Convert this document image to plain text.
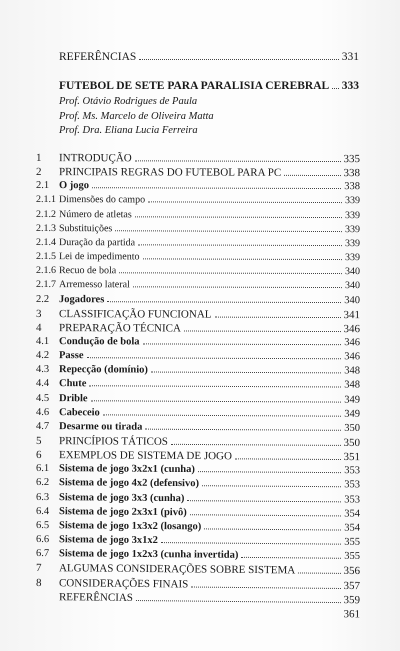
REFERÊNCIAS	331
FUTEBOL DE SETE PARA PARALISIA CEREBRAL 333
Prof. Otávio Rodrigues de Paula
Prof. Ms. Marcelo de Oliveira Matta
Prof. Dra. Eliana Lucia Ferreira
1	INTRODUÇÃO	335
2	PRINCIPAIS REGRAS DO FUTEBOL PARA PC	338
2.1 O jogo	338
2.1.1 Dimensões do campo	339
2.1.2 Número de atletas	339
2.1.3 Substituições	339
2.1.4 Duração da partida	339
2.1.5 Lei de impedimento	339
2.1.6 Recuo de bola	340
2.1.7 Arremesso lateral	340
2.2 Jogadores	340
3	CLASSIFICAÇÃO FUNCIONAL	341
4	PREPARAÇÃO TÉCNICA	346
4.1 Condução de bola	346
4.2 Passe	346
4.3 Repecção (domínio)	348
4.4 Chute	348
4.5 Drible	349
4.6 Cabeceio	349
4.7 Desarme ou tirada	350
5	PRINCÍPIOS TÁTICOS	350
6	EXEMPLOS DE SISTEMA DE JOGO	351
6.1 Sistema de jogo 3x2x1 (cunha)	353
6.2 Sistema de jogo 4x2 (defensivo)	353
6.3 Sistema de jogo 3x3 (cunha)	353
6.4 Sistema de jogo 2x3x1 (pivô)	354
6.5 Sistema de jogo 1x3x2 (losango)	354
6.6 Sistema de jogo 3x1x2	355
6.7 Sistema de jogo 1x2x3 (cunha invertida)	355
7	ALGUMAS CONSIDERAÇÕES SOBRE SISTEMA	356
8	CONSIDERAÇÕES FINAIS	357
REFERÊNCIAS	359
361
